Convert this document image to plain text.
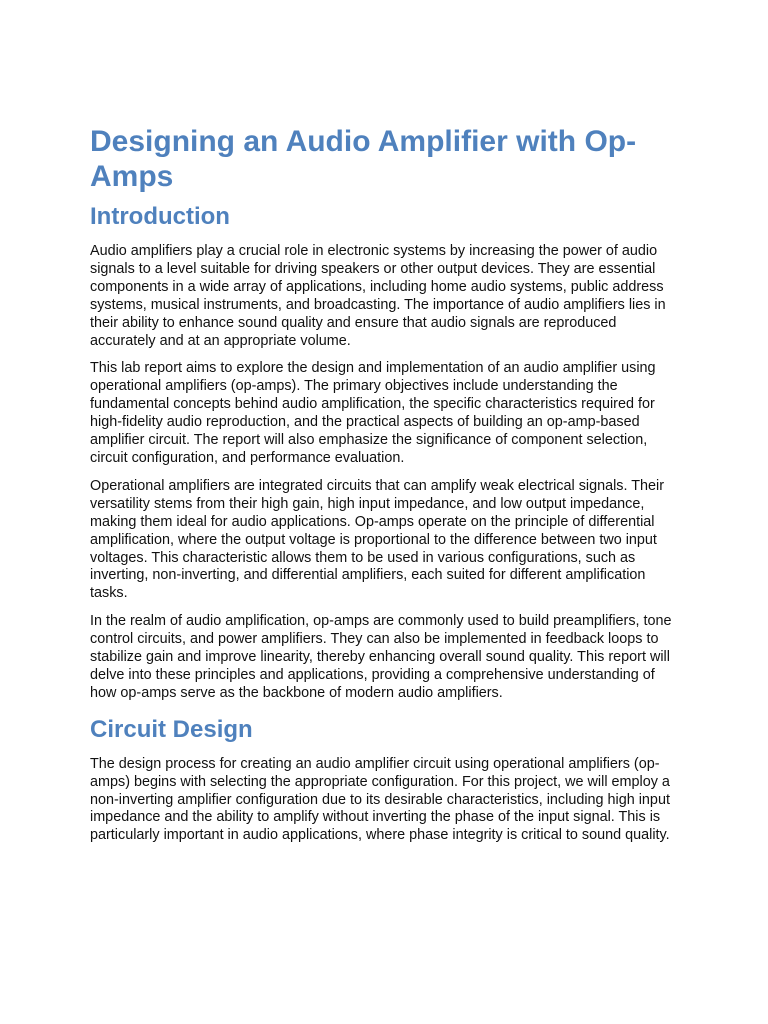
Designing an Audio Amplifier with Op-Amps
Introduction

Audio amplifiers play a crucial role in electronic systems by increasing the power of audio signals to a level suitable for driving speakers or other output devices. They are essential components in a wide array of applications, including home audio systems, public address systems, musical instruments, and broadcasting. The importance of audio amplifiers lies in their ability to enhance sound quality and ensure that audio signals are reproduced accurately and at an appropriate volume.

This lab report aims to explore the design and implementation of an audio amplifier using operational amplifiers (op-amps). The primary objectives include understanding the fundamental concepts behind audio amplification, the specific characteristics required for high-fidelity audio reproduction, and the practical aspects of building an op-amp-based amplifier circuit. The report will also emphasize the significance of component selection, circuit configuration, and performance evaluation.

Operational amplifiers are integrated circuits that can amplify weak electrical signals. Their versatility stems from their high gain, high input impedance, and low output impedance, making them ideal for audio applications. Op-amps operate on the principle of differential amplification, where the output voltage is proportional to the difference between two input voltages. This characteristic allows them to be used in various configurations, such as inverting, non-inverting, and differential amplifiers, each suited for different amplification tasks.

In the realm of audio amplification, op-amps are commonly used to build preamplifiers, tone control circuits, and power amplifiers. They can also be implemented in feedback loops to stabilize gain and improve linearity, thereby enhancing overall sound quality. This report will delve into these principles and applications, providing a comprehensive understanding of how op-amps serve as the backbone of modern audio amplifiers.

Circuit Design

The design process for creating an audio amplifier circuit using operational amplifiers (op-amps) begins with selecting the appropriate configuration. For this project, we will employ a non-inverting amplifier configuration due to its desirable characteristics, including high input impedance and the ability to amplify without inverting the phase of the input signal. This is particularly important in audio applications, where phase integrity is critical to sound quality.
